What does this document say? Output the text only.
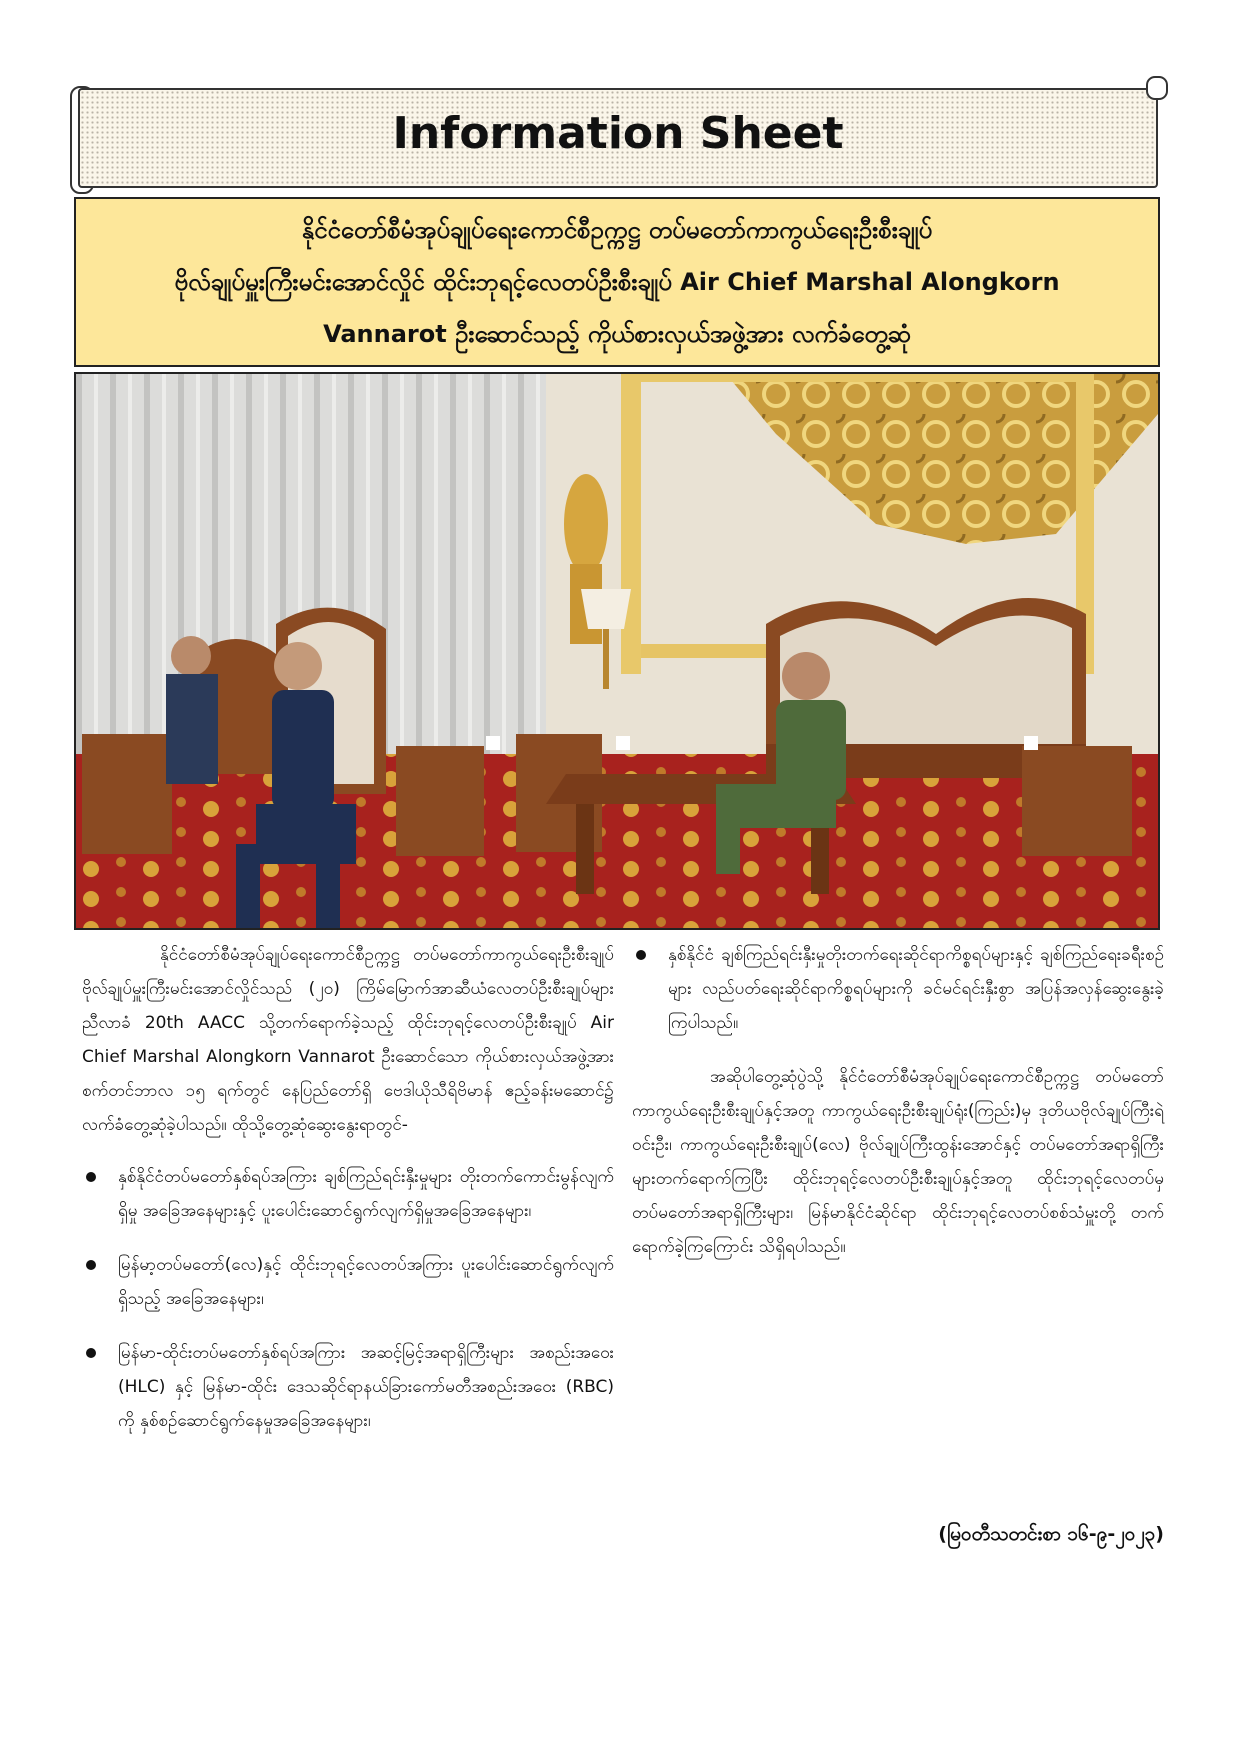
Information Sheet
နိုင်ငံတော်စီမံအုပ်ချုပ်ရေးကောင်စီဥက္ကဋ္ဌ တပ်မတော်ကာကွယ်ရေးဦးစီးချုပ်
ဗိုလ်ချုပ်မှူးကြီးမင်းအောင်လှိုင် ထိုင်းဘုရင့်လေတပ်ဦးစီးချုပ် Air Chief Marshal Alongkorn
Vannarot ဦးဆောင်သည့် ကိုယ်စားလှယ်အဖွဲ့အား လက်ခံတွေ့ဆုံ

နိုင်ငံတော်စီမံအုပ်ချုပ်ရေးကောင်စီဥက္ကဋ္ဌ တပ်မတော်ကာကွယ်ရေးဦးစီးချုပ် ဗိုလ်ချုပ်မှူးကြီးမင်းအောင်လှိုင်သည် (၂၀) ကြိမ်မြောက်အာဆီယံလေတပ်ဦးစီးချုပ်များ ညီလာခံ 20th AACC သို့တက်ရောက်ခဲ့သည့် ထိုင်းဘုရင့်လေတပ်ဦးစီးချုပ် Air Chief Marshal Alongkorn Vannarot ဦးဆောင်သော ကိုယ်စားလှယ်အဖွဲ့အား စက်တင်ဘာလ ၁၅ ရက်တွင် နေပြည်တော်ရှိ ဗေဒါယိုသီရိဗိမာန် ဧည့်ခန်းမဆောင်၌ လက်ခံတွေ့ဆုံခဲ့ပါသည်။ ထိုသို့တွေ့ဆုံဆွေးနွေးရာတွင်-

နှစ်နိုင်ငံတပ်မတော်နှစ်ရပ်အကြား ချစ်ကြည်ရင်းနှီးမှုများ တိုးတက်ကောင်းမွန်လျက်ရှိမှု အခြေအနေများနှင့် ပူးပေါင်းဆောင်ရွက်လျက်ရှိမှုအခြေအနေများ၊
မြန်မာ့တပ်မတော်(လေ)နှင့် ထိုင်းဘုရင့်လေတပ်အကြား ပူးပေါင်းဆောင်ရွက်လျက်ရှိသည့် အခြေအနေများ၊
မြန်မာ-ထိုင်းတပ်မတော်နှစ်ရပ်အကြား အဆင့်မြင့်အရာရှိကြီးများ အစည်းအဝေး (HLC) နှင့် မြန်မာ-ထိုင်း ဒေသဆိုင်ရာနယ်ခြားကော်မတီအစည်းအဝေး (RBC) ကို နှစ်စဉ်ဆောင်ရွက်နေမှုအခြေအနေများ၊
နှစ်နိုင်ငံ ချစ်ကြည်ရင်းနှီးမှုတိုးတက်ရေးဆိုင်ရာကိစ္စရပ်များနှင့် ချစ်ကြည်ရေးခရီးစဉ်များ လည်ပတ်ရေးဆိုင်ရာကိစ္စရပ်များကို ခင်မင်ရင်းနှီးစွာ အပြန်အလှန်ဆွေးနွေးခဲ့ကြပါသည်။

အဆိုပါတွေ့ဆုံပွဲသို့ နိုင်ငံတော်စီမံအုပ်ချုပ်ရေးကောင်စီဥက္ကဋ္ဌ တပ်မတော်ကာကွယ်ရေးဦးစီးချုပ်နှင့်အတူ ကာကွယ်ရေးဦးစီးချုပ်ရုံး(ကြည်း)မှ ဒုတိယဗိုလ်ချုပ်ကြီးရဲဝင်းဦး၊ ကာကွယ်ရေးဦးစီးချုပ်(လေ) ဗိုလ်ချုပ်ကြီးထွန်းအောင်နှင့် တပ်မတော်အရာရှိကြီးများတက်ရောက်ကြပြီး ထိုင်းဘုရင့်လေတပ်ဦးစီးချုပ်နှင့်အတူ ထိုင်းဘုရင့်လေတပ်မှတပ်မတော်အရာရှိကြီးများ၊ မြန်မာနိုင်ငံဆိုင်ရာ ထိုင်းဘုရင့်လေတပ်စစ်သံမှူးတို့ တက်ရောက်ခဲ့ကြကြောင်း သိရှိရပါသည်။

(မြဝတီသတင်းစာ ၁၆-၉-၂၀၂၃)
